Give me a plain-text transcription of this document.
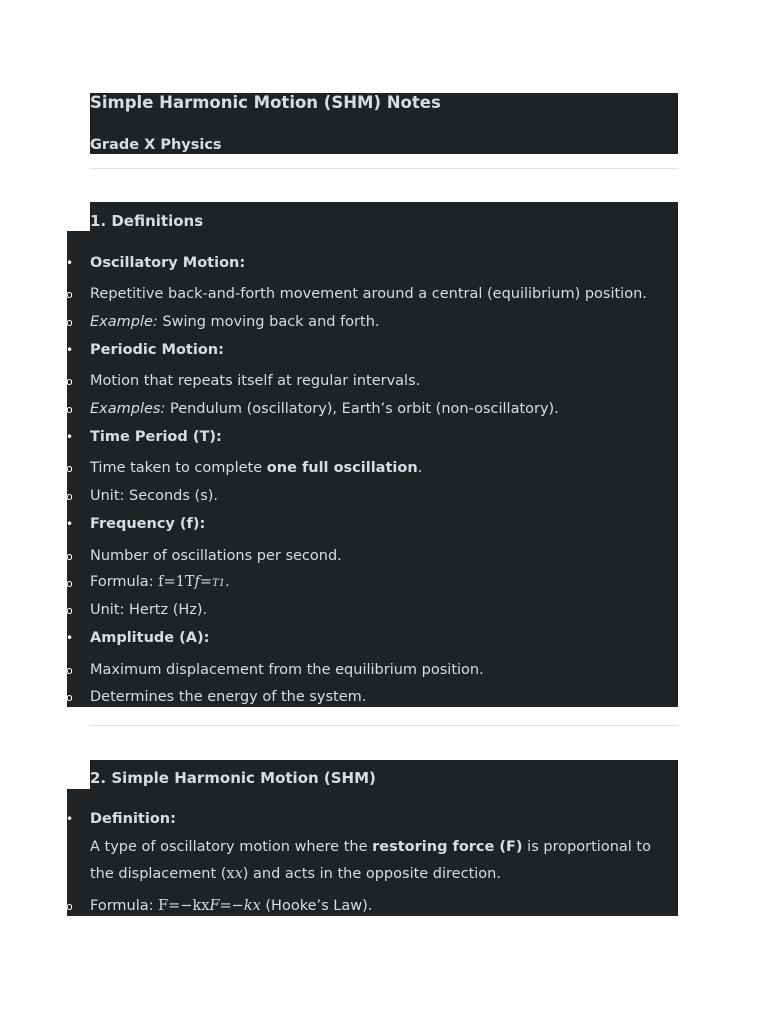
Simple Harmonic Motion (SHM) Notes
Grade X Physics
1. Definitions
• Oscillatory Motion:
o Repetitive back-and-forth movement around a central (equilibrium) position.
o Example: Swing moving back and forth.
• Periodic Motion:
o Motion that repeats itself at regular intervals.
o Examples: Pendulum (oscillatory), Earth’s orbit (non-oscillatory).
• Time Period (T):
o Time taken to complete one full oscillation.
o Unit: Seconds (s).
• Frequency (f):
o Number of oscillations per second.
o Formula: f=1Tf=T1.
o Unit: Hertz (Hz).
• Amplitude (A):
o Maximum displacement from the equilibrium position.
o Determines the energy of the system.
2. Simple Harmonic Motion (SHM)
• Definition:
A type of oscillatory motion where the restoring force (F) is proportional to
the displacement (xx) and acts in the opposite direction.
o Formula: F=−kxF=−kx (Hooke’s Law).
